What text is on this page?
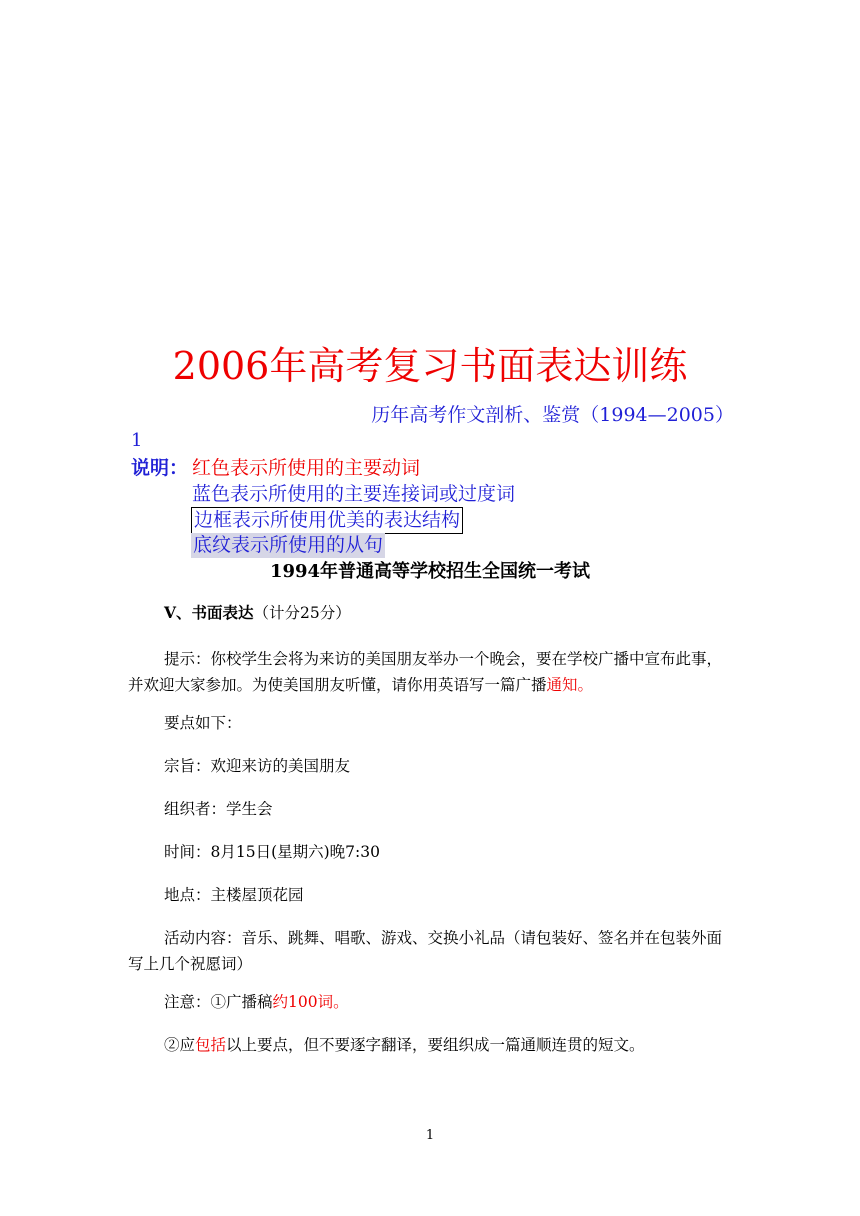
2006年高考复习书面表达训练
历年高考作文剖析、鉴赏（1994—2005）
1
说明： 红色表示所使用的主要动词
蓝色表示所使用的主要连接词或过度词
边框表示所使用优美的表达结构
底纹表示所使用的从句
1994年普通高等学校招生全国统一考试
V、书面表达（计分25分）
提示：你校学生会将为来访的美国朋友举办一个晚会，要在学校广播中宣布此事，并欢迎大家参加。为使美国朋友听懂，请你用英语写一篇广播通知。
要点如下：
宗旨：欢迎来访的美国朋友
组织者：学生会
时间：8月15日(星期六)晚7:30
地点：主楼屋顶花园
活动内容：音乐、跳舞、唱歌、游戏、交换小礼品（请包装好、签名并在包装外面写上几个祝愿词）
注意：①广播稿约100词。
②应包括以上要点，但不要逐字翻译，要组织成一篇通顺连贯的短文。
1
